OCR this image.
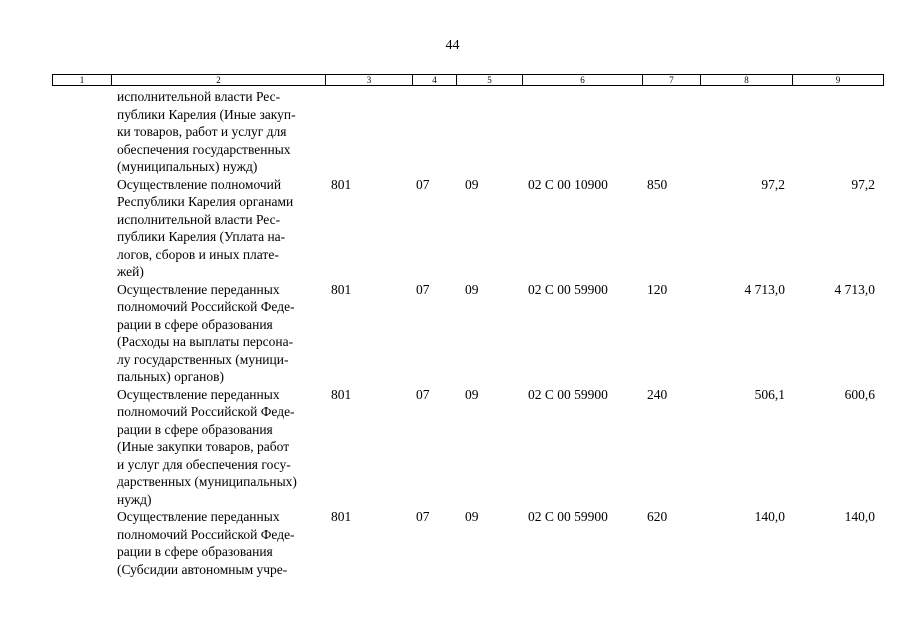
44
1	2	3	4	5	6	7	8	9
исполнительной власти Рес-
публики Карелия (Иные закуп-
ки товаров, работ и услуг для
обеспечения государственных
(муниципальных) нужд)
Осуществление полномочий
Республики Карелия органами
исполнительной власти Рес-
публики Карелия (Уплата на-
логов, сборов и иных плате-
жей)
801	07	09	02 С 00 10900	850	97,2	97,2
Осуществление переданных
полномочий Российской Феде-
рации в сфере образования
(Расходы на выплаты персона-
лу государственных (муници-
пальных) органов)
801	07	09	02 С 00 59900	120	4 713,0	4 713,0
Осуществление переданных
полномочий Российской Феде-
рации в сфере образования
(Иные закупки товаров, работ
и услуг для обеспечения госу-
дарственных (муниципальных)
нужд)
801	07	09	02 С 00 59900	240	506,1	600,6
Осуществление переданных
полномочий Российской Феде-
рации в сфере образования
(Субсидии автономным учре-
801	07	09	02 С 00 59900	620	140,0	140,0
